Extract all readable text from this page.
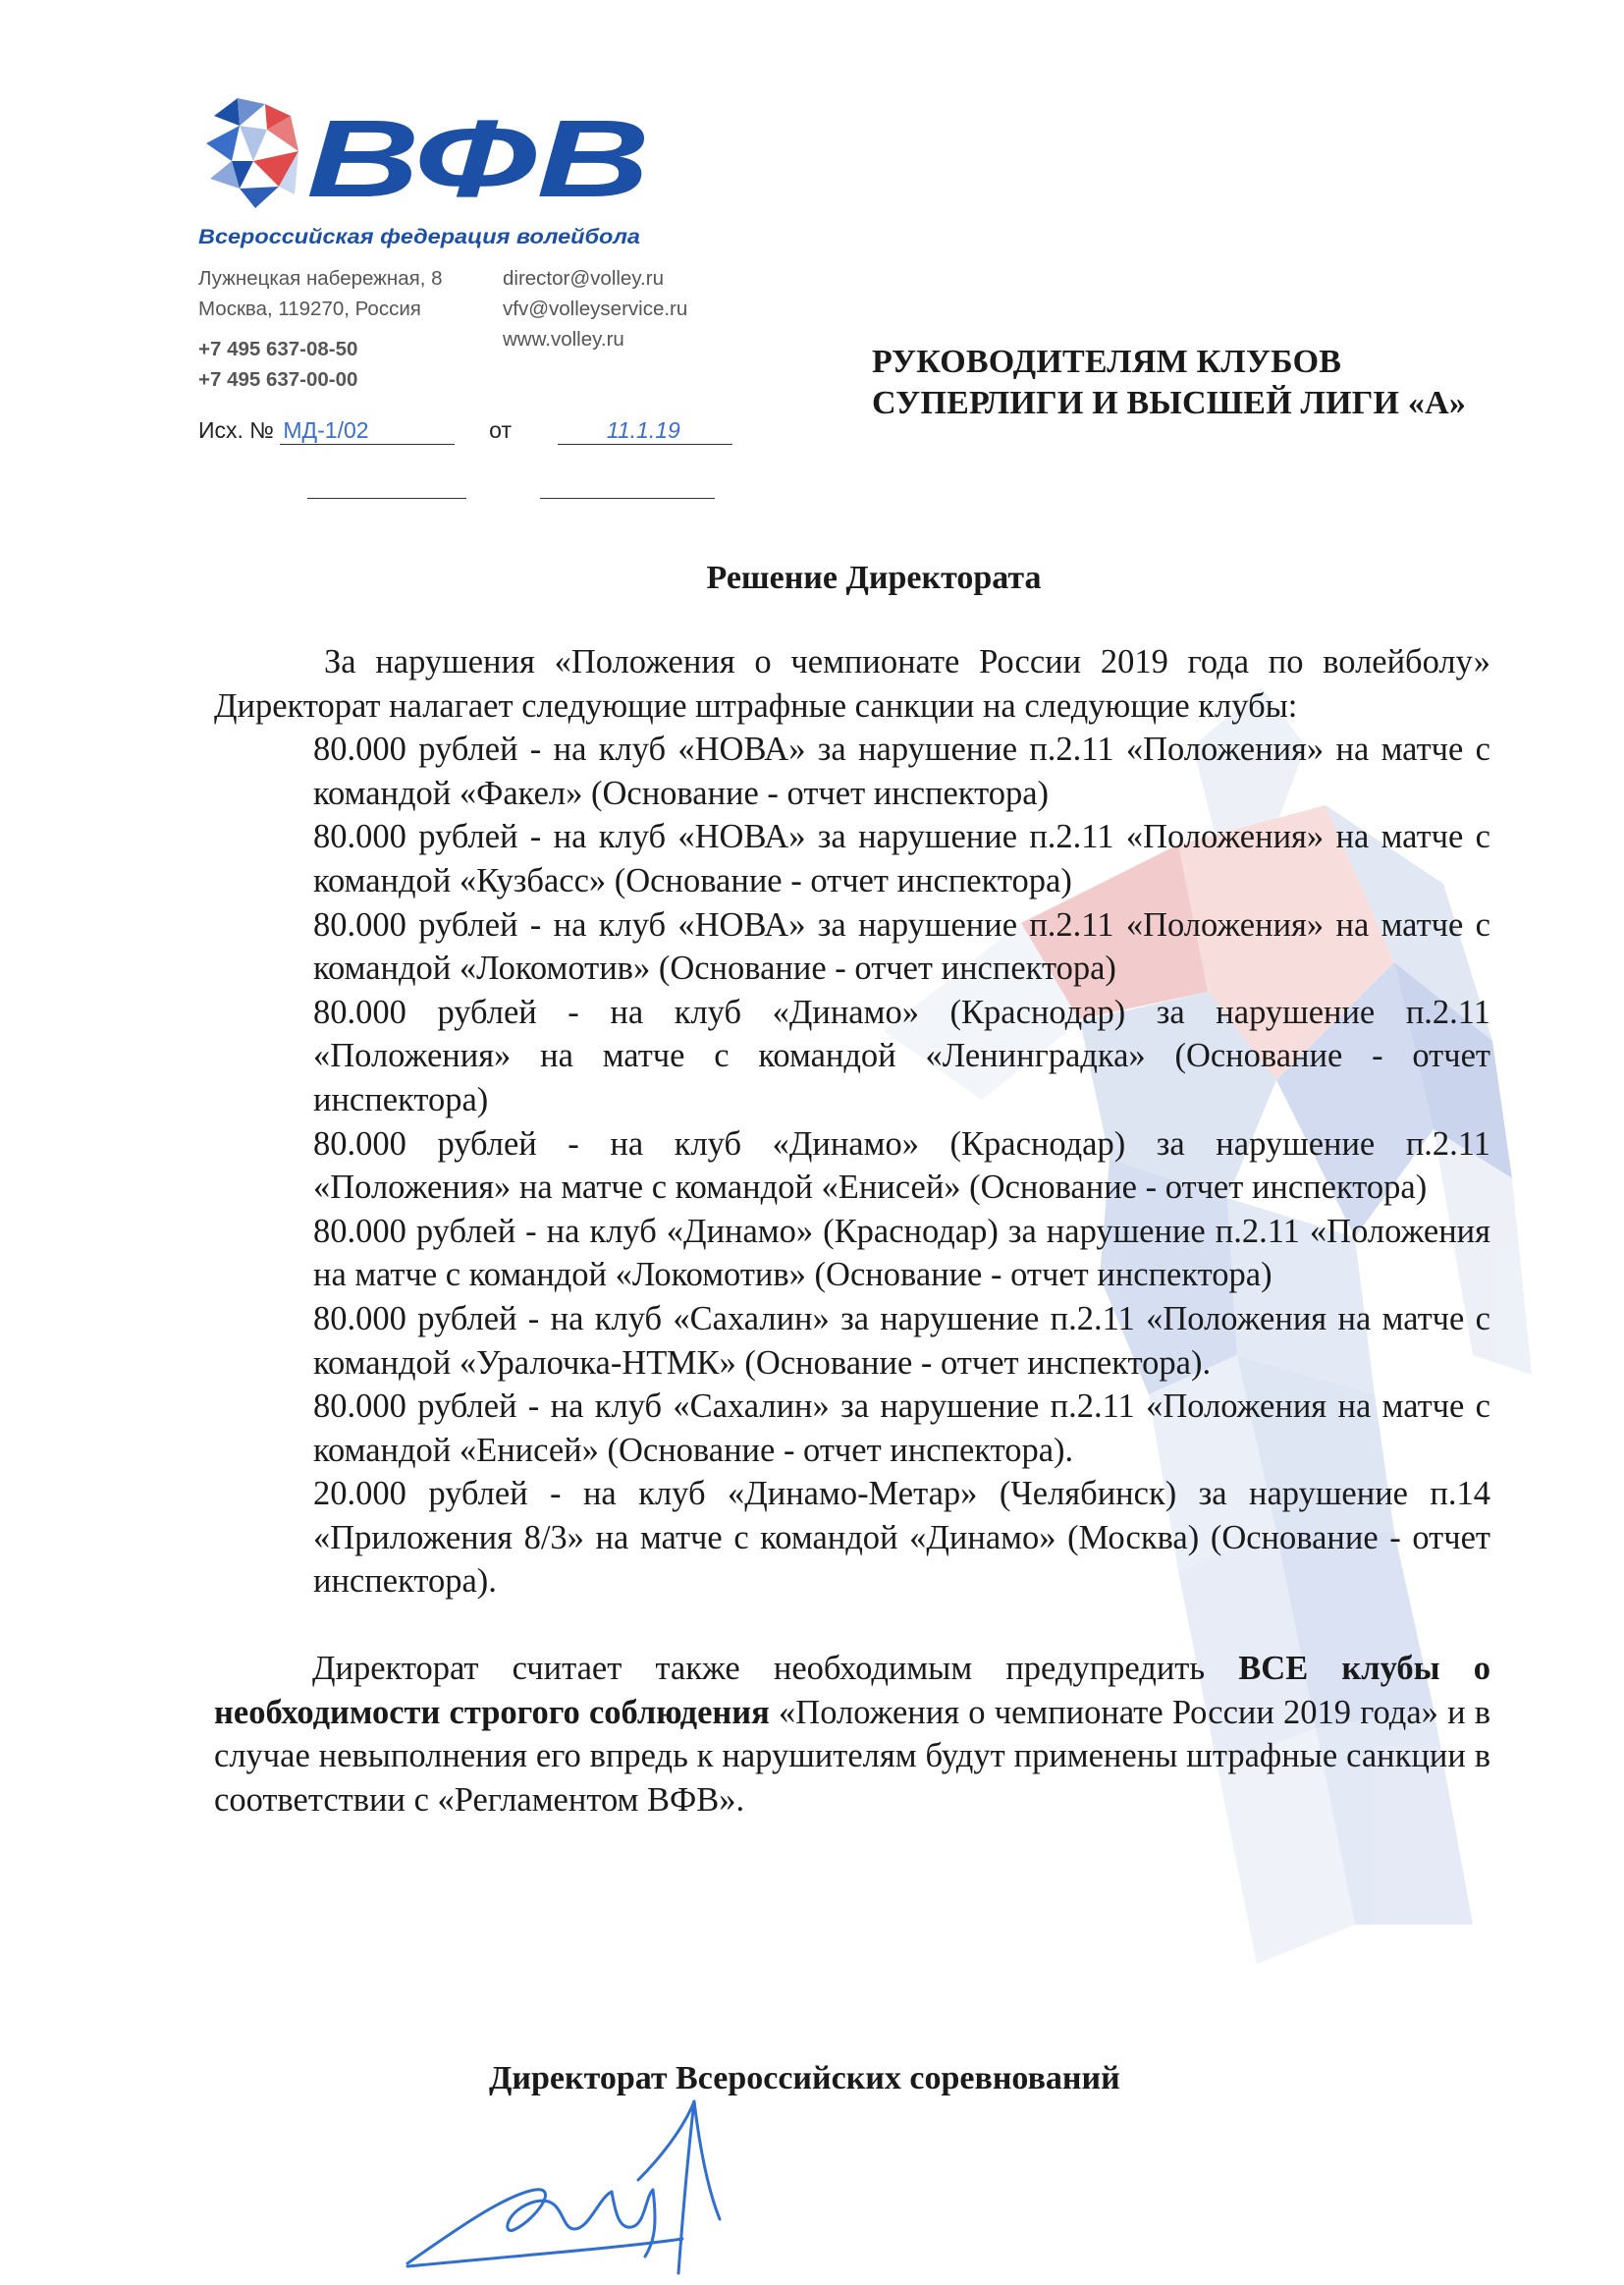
ВФВ
Всероссийская федерация волейбола
Лужнецкая набережная, 8
Москва, 119270, Россия
+7 495 637-08-50
+7 495 637-00-00
director@volley.ru
vfv@volleyservice.ru
www.volley.ru
Исх. № МД-1/02	от	11.1.19
РУКОВОДИТЕЛЯМ КЛУБОВ
СУПЕРЛИГИ И ВЫСШЕЙ ЛИГИ «А»
Решение Директората

За нарушения «Положения о чемпионате России 2019 года по волейболу» Директорат налагает следующие штрафные санкции на следующие клубы:

80.000 рублей - на клуб «НОВА» за нарушение п.2.11 «Положения» на матче с командой «Факел» (Основание - отчет инспектора)

80.000 рублей - на клуб «НОВА» за нарушение п.2.11 «Положения» на матче с командой «Кузбасс» (Основание - отчет инспектора)

80.000 рублей - на клуб «НОВА» за нарушение п.2.11 «Положения» на матче с командой «Локомотив» (Основание - отчет инспектора)

80.000 рублей - на клуб «Динамо» (Краснодар) за нарушение п.2.11 «Положения» на матче с командой «Ленинградка» (Основание - отчет инспектора)

80.000 рублей - на клуб «Динамо» (Краснодар) за нарушение п.2.11 «Положения» на матче с командой «Енисей» (Основание - отчет инспектора)

80.000 рублей - на клуб «Динамо» (Краснодар) за нарушение п.2.11 «Положения на матче с командой «Локомотив» (Основание - отчет инспектора)

80.000 рублей - на клуб «Сахалин» за нарушение п.2.11 «Положения на матче с командой «Уралочка-НТМК» (Основание - отчет инспектора).

80.000 рублей - на клуб «Сахалин» за нарушение п.2.11 «Положения на матче с командой «Енисей» (Основание - отчет инспектора).

20.000 рублей - на клуб «Динамо-Метар» (Челябинск) за нарушение п.14 «Приложения 8/3» на матче с командой «Динамо» (Москва) (Основание - отчет инспектора).

Директорат считает также необходимым предупредить ВСЕ клубы о необходимости строгого соблюдения «Положения о чемпионате России 2019 года» и в случае невыполнения его впредь к нарушителям будут применены штрафные санкции в соответствии с «Регламентом ВФВ».

Директорат Всероссийских соревнований
